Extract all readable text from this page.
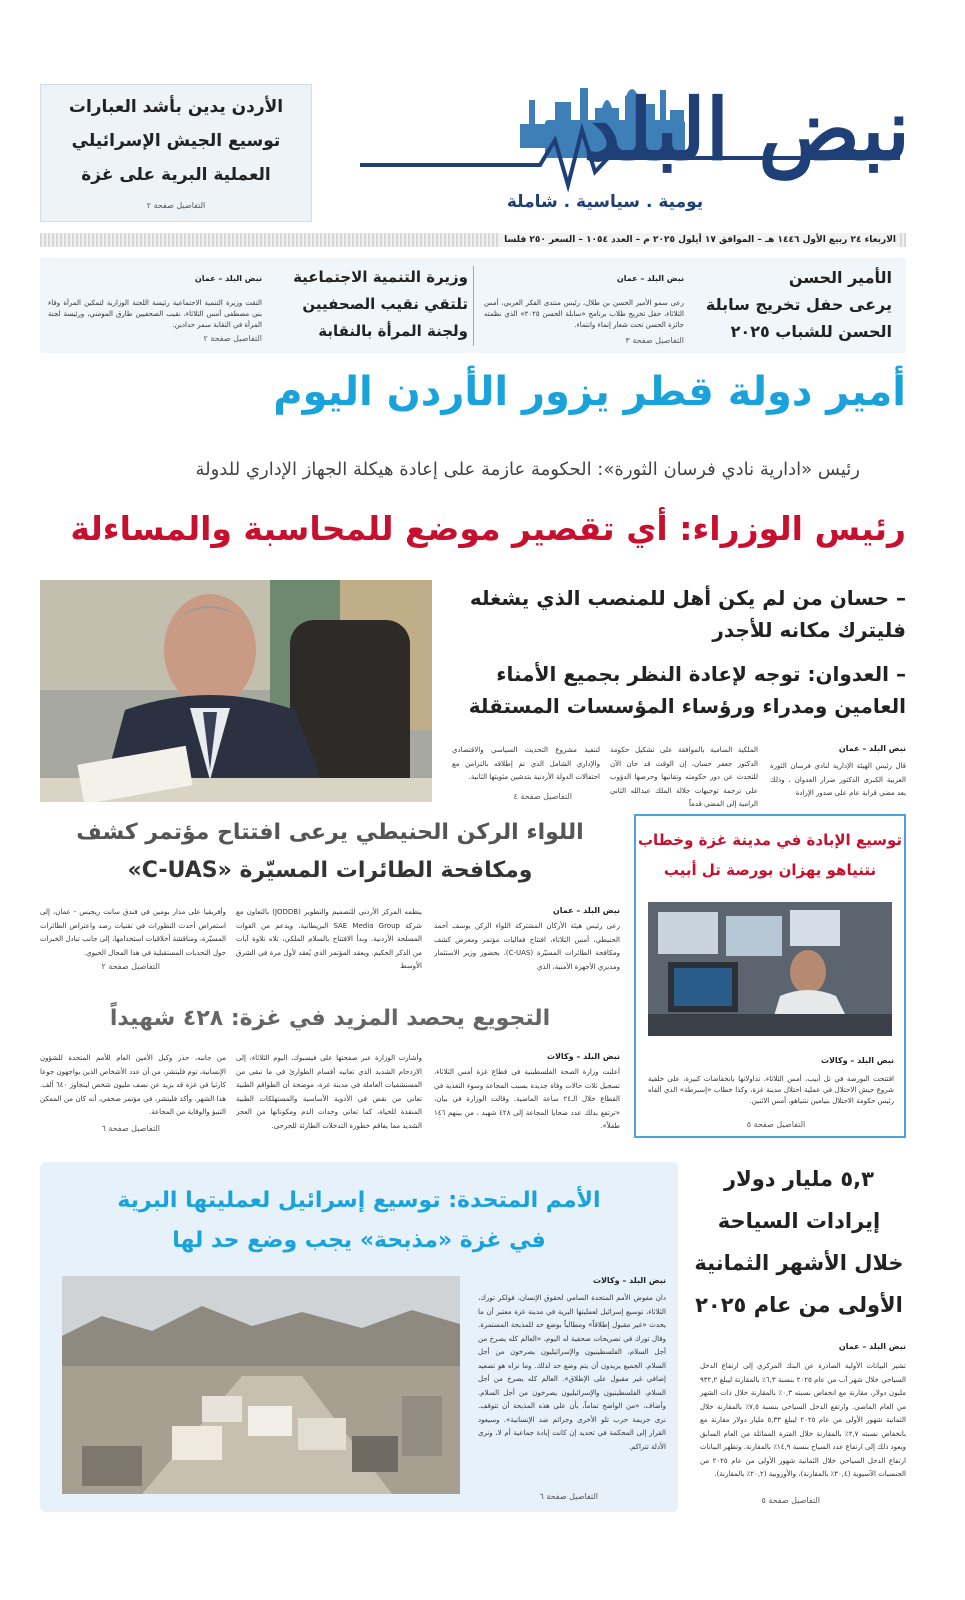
نبض البلد
يومية . سياسية . شاملة
الأردن يدين بأشد العبارات
توسيع الجيش الإسرائيلي
العملية البرية على غزة
التفاصيل صفحة ٢
الاربعاء ٢٤ ربيع الأول ١٤٤٦ هـ – الموافق ١٧ أيلول ٢٠٢٥ م – العدد ١٠٥٤ – السعر ٢٥٠ فلسا
الأمير الحسن
نبض البلد – عمان
يرعى حفل تخريج سابلة
الحسن للشباب ٢٠٢٥
رعى سمو الأمير الحسن بن طلال، رئيس منتدى الفكر العربي، أمس الثلاثاء، حفل تخريج طلاب برنامج «سابلة الحسن ٢٠٢٥» الذي نظمته جائزة الحسن تحت شعار إنماء وانتماء.
التفاصيل صفحة ٣
وزيرة التنمية الاجتماعية
نبض البلد – عمان
تلتقي نقيب الصحفيين
ولجنة المرأة بالنقابة
التقت وزيرة التنمية الاجتماعية رئيسة اللجنة الوزارية لتمكين المرأة وفاء بني مصطفى أمس الثلاثاء، نقيب الصحفيين طارق المومني، ورئيسة لجنة المرأة في النقابة سمر حدادين.
التفاصيل صفحة ٢
أمير دولة قطر يزور الأردن اليوم
رئيس «ادارية نادي فرسان الثورة»: الحكومة عازمة على إعادة هيكلة الجهاز الإداري للدولة
رئيس الوزراء: أي تقصير موضع للمحاسبة والمساءلة
– حسان من لم يكن أهل للمنصب الذي يشغله فليترك مكانه للأجدر
– العدوان: توجه لإعادة النظر بجميع الأمناء العامين ومدراء ورؤساء المؤسسات المستقلة
نبض البلد – عمان
قال رئيس الهيئة الإدارية لنادي فرسان الثورة العربية الكبرى الدكتور ضرار العدوان ، وذلك بعد مضي قرابة عام على صدور الإرادة
الملكية السامية بالموافقة على تشكيل حكومة الدكتور جعفر حسان، إن الوقت قد حان الآن للتحدث عن دور حكومته وتفانيها وحرصها الدؤوب على ترجمة توجيهات جلالة الملك عبدالله الثاني الرامية إلى المضي قدماً
لتنفيذ مشروع التحديث السياسي والاقتصادي والإداري الشامل الذي تم إطلاقه بالتزامن مع احتفالات الدولة الأردنية بتدشين مئويتها الثانية.
التفاصيل صفحة ٤
اللواء الركن الحنيطي يرعى افتتاح مؤتمر كشف
ومكافحة الطائرات المسيّرة «C-UAS»
نبض البلد – عمان
رعى رئيس هيئة الأركان المشتركة اللواء الركن يوسف أحمد الحنيطي، أمس الثلاثاء، افتتاح فعاليات مؤتمر ومعرض كشف ومكافحة الطائرات المسيّرة (C-UAS)، بحضور وزير الاستثمار ومديري الأجهزة الأمنية، الذي
ينظمه المركز الأردني للتصميم والتطوير (JODDB) بالتعاون مع شركة SAE Media Group البريطانية، ويدعم من القوات المسلحة الأردنية. وبدأ الافتتاح بالسلام الملكي، تلاه تلاوة آيات من الذكر الحكيم. ويعقد المؤتمر الذي يُعقد لأول مرة في الشرق الأوسط
وأفريقيا على مدار يومين في فندق سانت ريجيس - عمان، إلى استعراض أحدث التطورات في تقنيات رصد واعتراض الطائرات المسيّرة، ومناقشة أخلاقيات استخدامها، إلى جانب تبادل الخبرات حول التحديات المستقبلية في هذا المجال الحيوي.
التفاصيل صفحة ٢
التجويع يحصد المزيد في غزة: ٤٢٨ شهيداً
نبض البلد – وكالات
أعلنت وزارة الصحة الفلسطينية في قطاع غزة أمس الثلاثاء، تسجيل ثلاث حالات وفاة جديدة بسبب المجاعة وسوء التغذية في القطاع خلال الـ٢٤ ساعة الماضية. وقالت الوزارة في بيان، «ترتفع بذلك عدد ضحايا المجاعة إلى ٤٢٨ شهيد ، من بينهم ١٤٦ طفلاً».
وأشارت الوزارة عبر صفحتها على فيسبوك، اليوم الثلاثاء، إلى الازدحام الشديد الذي تعانيه أقسام الطوارئ في ما تبقى من المستشفيات العاملة في مدينة غزة، موضحة أن الطواقم الطبية تعاني من نقص في الأدوية الأساسية والمستهلكات الطبية المنقذة للحياة، كما تعاني وحدات الدم ومكوناتها من العجز الشديد مما يفاقم خطورة التدخلات الطارئة للجرحى.
من جانبه، حذر وكيل الأمين العام للأمم المتحدة للشؤون الإنسانية، توم فليتشر، من أن عدد الأشخاص الذين يواجهون جوعا كارثيا في غزة قد يزيد عن نصف مليون شخص ليتجاوز ٦٤٠ ألف. هذا الشهر. وأكد فليتشر، في مؤتمر صحفي، أنه كان من الممكن التنبؤ والوقاية من المجاعة.
التفاصيل صفحة ٦
توسيع الإبادة في مدينة غزة وخطاب
نتنياهو يهزان بورصة تل أبيب
نبض البلد – وكالات
افتتحت البورصة في تل أبيب، أمس الثلاثاء، تداولاتها بانخفاضات كبيرة، على خلفية شروع جيش الاحتلال في عملية احتلال مدينة غزة، وكذا خطاب «إسبرطة» الذي ألقاه رئيس حكومة الاحتلال بنيامين نتنياهو، أمس الاثنين.
التفاصيل صفحة ٥
الأمم المتحدة: توسيع إسرائيل لعمليتها البرية
في غزة «مذبحة» يجب وضع حد لها
نبض البلد – وكالات
دان مفوض الأمم المتحدة السامي لحقوق الإنسان، فولكر تورك، الثلاثاء، توسيع إسرائيل لعمليتها البرية في مدينة غزة معتبر أن ما يحدث «غير مقبول إطلاقاً» ومطالباً بوضع حد للمذبحة المستمرة. وقال تورك في تصريحات صحفية له اليوم، «العالم كله يصرخ من أجل السلام، الفلسطينيون والإسرائيليون يصرخون من أجل السلام. الجميع يريدون أن يتم وضع حد لذلك. وما نراه هو تصعيد إضافي غير مقبول على الإطلاق». العالم كله يصرخ من أجل السلام، الفلسطينيون والإسرائيليون يصرخون من أجل السلام. وأضاف، «من الواضح تماماً، بأن على هذه المذبحة أن تتوقف. نرى جريمة حرب تلو الأخرى وجرائم ضد الإنسانية». وسيعود القرار إلى المحكمة في تحديد إن كانت إبادة جماعية أم لا، ونرى الأدلة تتراكم.
التفاصيل صفحة ٦
٥,٣ مليار دولار
إيرادات السياحة
خلال الأشهر الثمانية
الأولى من عام ٢٠٢٥
نبض البلد – عمان
تشير البيانات الأولية الصادرة عن البنك المركزي إلى ارتفاع الدخل السياحي خلال شهر آب من عام ٢٠٢٥ بنسبة ٦,٣٪ بالمقارنة ليبلغ ٩٣٢,٢ مليون دولار، مقارنة مع انخفاض نسبته ٠,٣٪ بالمقارنة خلال ذات الشهر من العام الماضي. وارتفع الدخل السياحي بنسبة ٧,٥٪ بالمقارنة خلال الثمانية شهور الأولى من عام ٢٠٢٥ ليبلغ ٥,٣٣ مليار دولار مقارنة مع بانخفاض نسبته ٢,٧٪ بالمقارنة خلال الفترة المماثلة من العام السابق ويعود ذلك إلى ارتفاع عدد السياح بنسبة ١٤,٩٪ بالمقارنة. وتظهر البيانات ارتفاع الدخل السياحي خلال الثمانية شهور الأولى من عام ٢٠٢٥ من الجنسيات الآسيوية (٣٠,٤٪ بالمقارنة)، والأوروبية (٢٠,٢٪ بالمقارنة).
التفاصيل صفحة ٥
